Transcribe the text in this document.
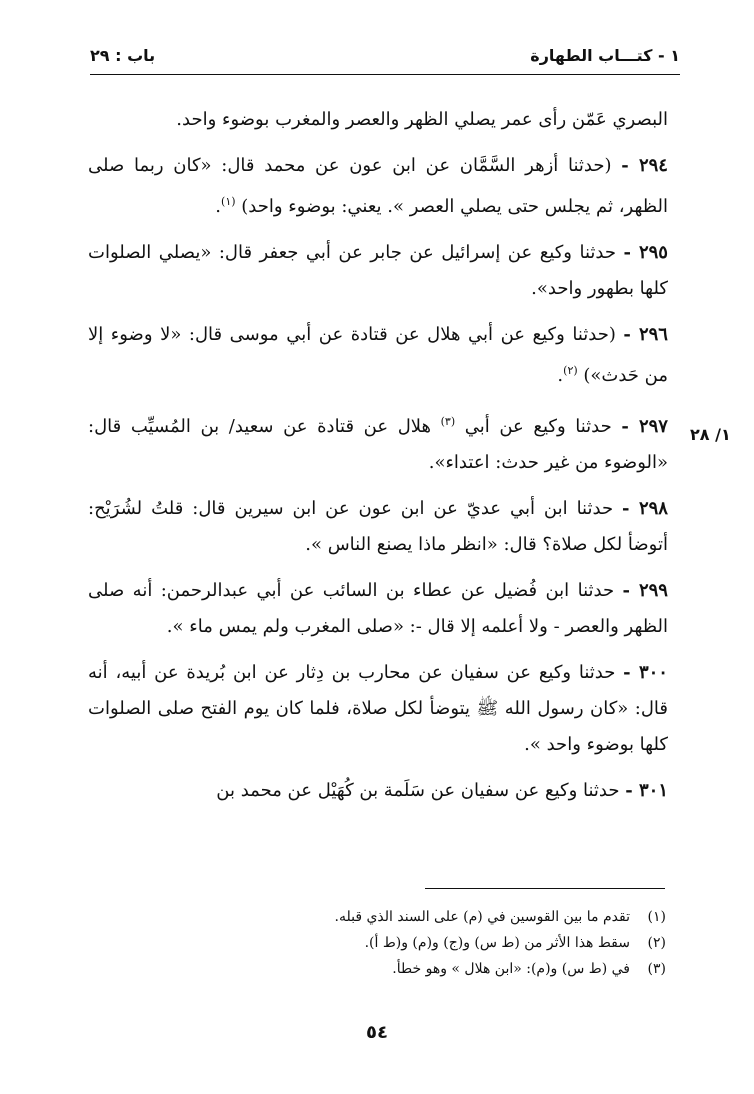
١ - كتـــاب الطهارة
باب : ٢٩
١/ ٢٨

البصري عَمّن رأى عمر يصلي الظهر والعصر والمغرب بوضوء واحد.

٢٩٤ - (حدثنا أزهر السَّمَّان عن ابن عون عن محمد قال: «كان ربما صلى الظهر، ثم يجلس حتى يصلي العصر ». يعني: بوضوء واحد) $^{(١)}$.

٢٩٥ - حدثنا وكيع عن إسرائيل عن جابر عن أبي جعفر قال: «يصلي الصلوات كلها بطهور واحد».

٢٩٦ - (حدثنا وكيع عن أبي هلال عن قتادة عن أبي موسى قال: «لا وضوء إلا من حَدث») $^{(٢)}$.

٢٩٧ - حدثنا وكيع عن أبي $^{(٣)}$ هلال عن قتادة عن سعيد/ بن المُسيِّب قال: «الوضوء من غير حدث: اعتداء».

٢٩٨ - حدثنا ابن أبي عديّ عن ابن عون عن ابن سيرين قال: قلتُ لشُرَيْح: أتوضأ لكل صلاة؟ قال: «انظر ماذا يصنع الناس ».

٢٩٩ - حدثنا ابن فُضيل عن عطاء بن السائب عن أبي عبدالرحمن: أنه صلى الظهر والعصر - ولا أعلمه إلا قال -: «صلى المغرب ولم يمس ماء ».

٣٠٠ - حدثنا وكيع عن سفيان عن محارب بن دِثار عن ابن بُريدة عن أبيه، أنه قال: «كان رسول الله ﷺ يتوضأ لكل صلاة، فلما كان يوم الفتح صلى الصلوات كلها بوضوء واحد ».

٣٠١ - حدثنا وكيع عن سفيان عن سَلَمة بن كُهَيْل عن محمد بن

(١)تقدم ما بين القوسين في (م) على السند الذي قبله.
(٢)سقط هذا الأثر من (ط س) و(ج) و(م) و(ط أ).
(٣)في (ط س) و(م): «ابن هلال » وهو خطأ.
٥٤
